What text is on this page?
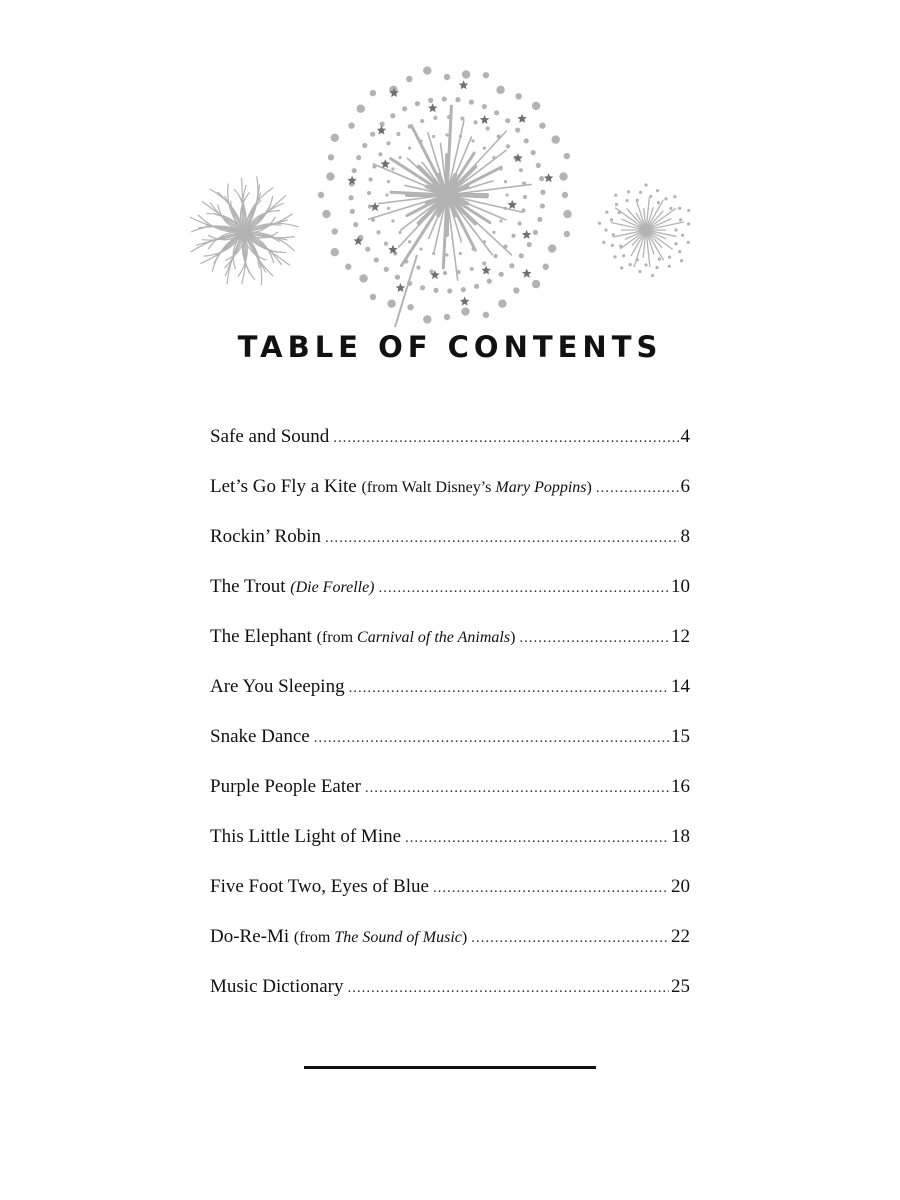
TABLE OF CONTENTS
Safe and Sound . . .	4
Let’s Go Fly a Kite (from Walt Disney’s Mary Poppins) . . .	6
Rockin’ Robin . . .	8
The Trout (Die Forelle) . . .	10
The Elephant (from Carnival of the Animals) . . .	12
Are You Sleeping . . .	14
Snake Dance . . .	15
Purple People Eater . . .	16
This Little Light of Mine . . .	18
Five Foot Two, Eyes of Blue . . .	20
Do-Re-Mi (from The Sound of Music) . . .	22
Music Dictionary . . .	25
